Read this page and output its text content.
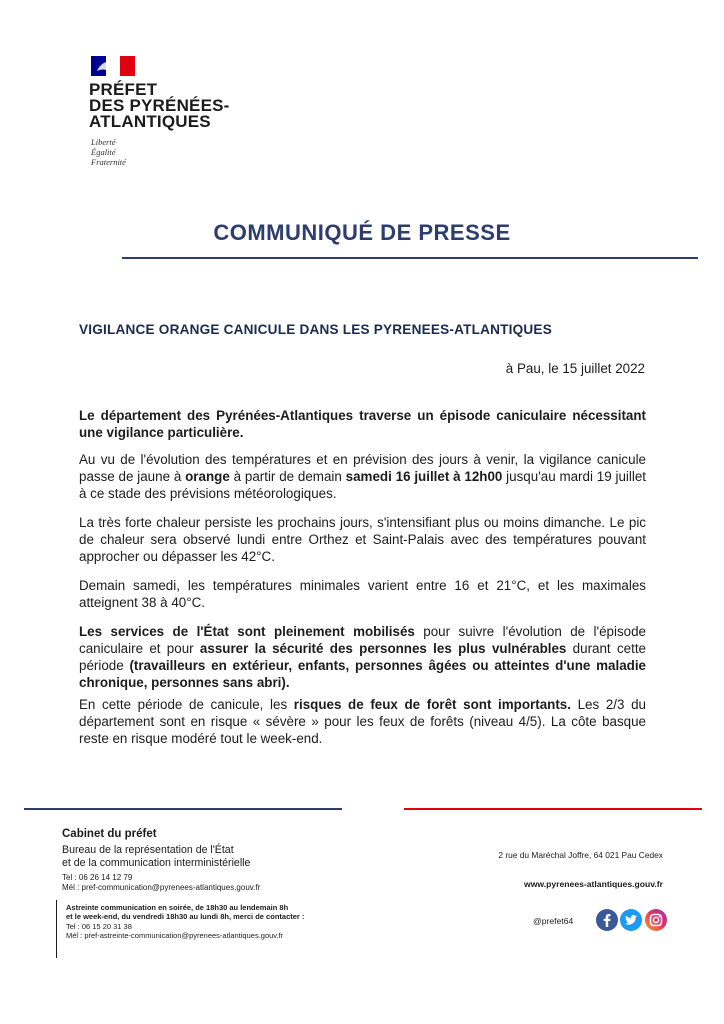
PRÉFET
DES PYRÉNÉES-
ATLANTIQUES
Liberté
Égalité
Fraternité
COMMUNIQUÉ DE PRESSE
VIGILANCE ORANGE CANICULE DANS LES PYRENEES-ATLANTIQUES
à Pau, le 15 juillet 2022
Le département des Pyrénées-Atlantiques traverse un épisode caniculaire nécessitant une vigilance particulière.
Au vu de l'évolution des températures et en prévision des jours à venir, la vigilance canicule passe de jaune à orange à partir de demain samedi 16 juillet à 12h00 jusqu'au mardi 19 juillet à ce stade des prévisions météorologiques.
La très forte chaleur persiste les prochains jours, s'intensifiant plus ou moins dimanche. Le pic de chaleur sera observé lundi entre Orthez et Saint-Palais avec des températures pouvant approcher ou dépasser les 42°C.
Demain samedi, les températures minimales varient entre 16 et 21°C, et les maximales atteignent 38 à 40°C.
Les services de l'État sont pleinement mobilisés pour suivre l'évolution de l'épisode caniculaire et pour assurer la sécurité des personnes les plus vulnérables durant cette période (travailleurs en extérieur, enfants, personnes âgées ou atteintes d'une maladie chronique, personnes sans abri).
En cette période de canicule, les risques de feux de forêt sont importants. Les 2/3 du département sont en risque « sévère » pour les feux de forêts (niveau 4/5). La côte basque reste en risque modéré tout le week-end.
Cabinet du préfet
Bureau de la représentation de l'État
et de la communication interministérielle
Tel : 06 26 14 12 79
Mél : pref-communication@pyrenees-atlantiques.gouv.fr
Astreinte communication en soirée, de 18h30 au lendemain 8h
et le week-end, du vendredi 18h30 au lundi 8h, merci de contacter :
Tel : 06 15 20 31 38
Mél : pref-astreinte-communication@pyrenees-atlantiques.gouv.fr
2 rue du Maréchal Joffre, 64 021 Pau Cedex
www.pyrenees-atlantiques.gouv.fr
@prefet64
